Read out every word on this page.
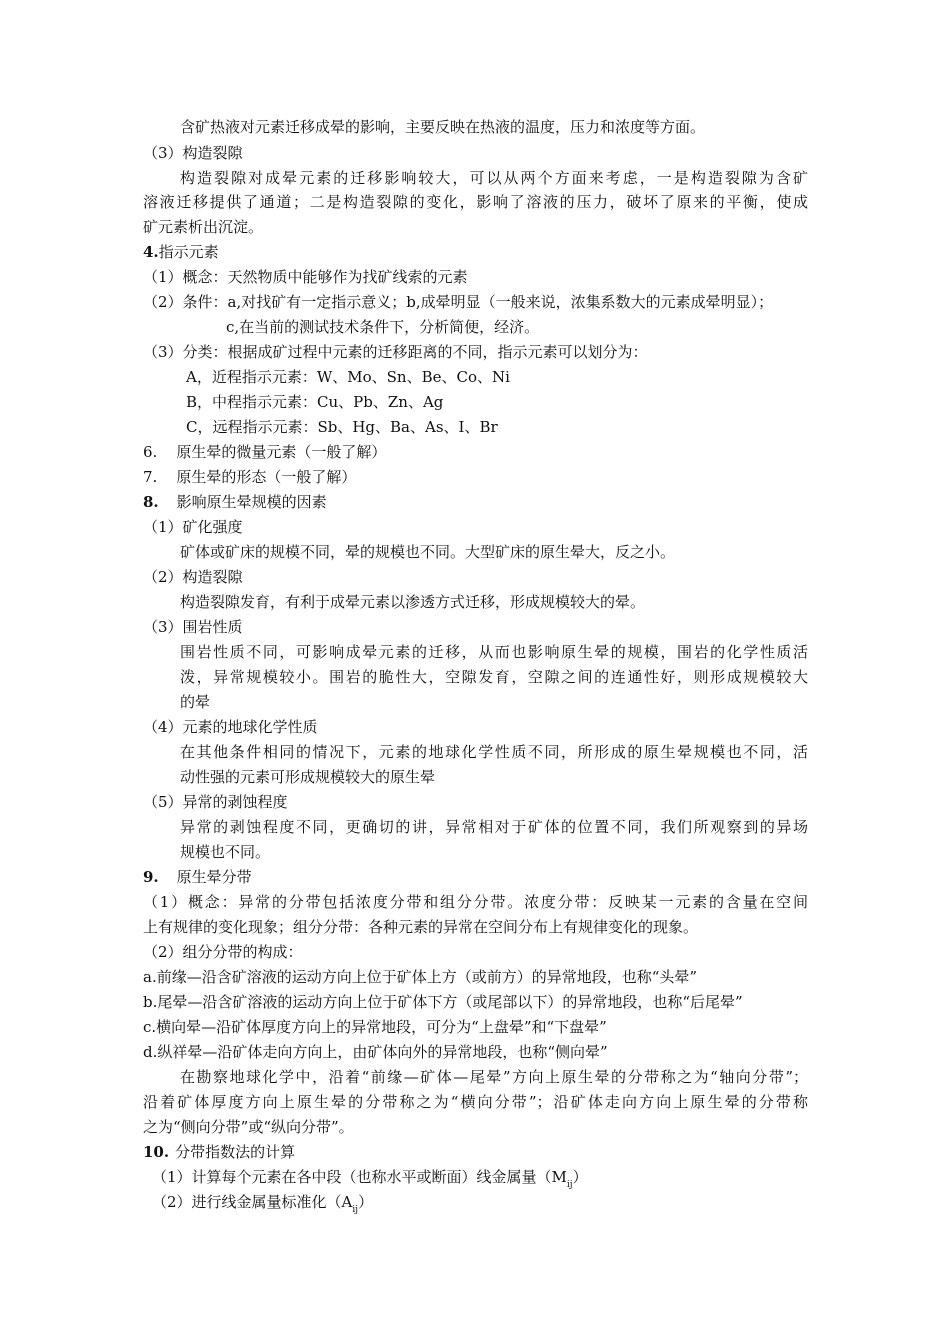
含矿热液对元素迁移成晕的影响，主要反映在热液的温度，压力和浓度等方面。
（3）构造裂隙
构造裂隙对成晕元素的迁移影响较大，可以从两个方面来考虑，一是构造裂隙为含矿
溶液迁移提供了通道；二是构造裂隙的变化，影响了溶液的压力，破坏了原来的平衡，使成
矿元素析出沉淀。
4.指示元素
（1）概念：天然物质中能够作为找矿线索的元素
（2）条件：a,对找矿有一定指示意义；b,成晕明显（一般来说，浓集系数大的元素成晕明显）；
c,在当前的测试技术条件下，分析简便，经济。
（3）分类：根据成矿过程中元素的迁移距离的不同，指示元素可以划分为：
A，近程指示元素：W、Mo、Sn、Be、Co、Ni
B，中程指示元素：Cu、Pb、Zn、Ag
C，远程指示元素：Sb、Hg、Ba、As、I、Br
6.    原生晕的微量元素（一般了解）
7.    原生晕的形态（一般了解）
8. 影响原生晕规模的因素
（1）矿化强度
矿体或矿床的规模不同，晕的规模也不同。大型矿床的原生晕大，反之小。
（2）构造裂隙
构造裂隙发育，有利于成晕元素以渗透方式迁移，形成规模较大的晕。
（3）围岩性质
围岩性质不同，可影响成晕元素的迁移，从而也影响原生晕的规模，围岩的化学性质活
泼，异常规模较小。围岩的脆性大，空隙发育，空隙之间的连通性好，则形成规模较大
的晕
（4）元素的地球化学性质
在其他条件相同的情况下，元素的地球化学性质不同，所形成的原生晕规模也不同，活
动性强的元素可形成规模较大的原生晕
（5）异常的剥蚀程度
异常的剥蚀程度不同，更确切的讲，异常相对于矿体的位置不同，我们所观察到的异场
规模也不同。
9. 原生晕分带
（1）概念：异常的分带包括浓度分带和组分分带。浓度分带：反映某一元素的含量在空间
上有规律的变化现象；组分分带：各种元素的异常在空间分布上有规律变化的现象。
（2）组分分带的构成：
a.前缘—沿含矿溶液的运动方向上位于矿体上方（或前方）的异常地段，也称“头晕”
b.尾晕—沿含矿溶液的运动方向上位于矿体下方（或尾部以下）的异常地段，也称“后尾晕”
c.横向晕—沿矿体厚度方向上的异常地段，可分为“上盘晕”和“下盘晕”
d.纵祥晕—沿矿体走向方向上，由矿体向外的异常地段，也称“侧向晕”
在勘察地球化学中，沿着“前缘—矿体—尾晕”方向上原生晕的分带称之为“轴向分带”；
沿着矿体厚度方向上原生晕的分带称之为“横向分带”；沿矿体走向方向上原生晕的分带称
之为“侧向分带”或“纵向分带”。
10. 分带指数法的计算
（1）计算每个元素在各中段（也称水平或断面）线金属量$(M_{ij})$
（2）进行线金属量标准化$(A_{ij})$
